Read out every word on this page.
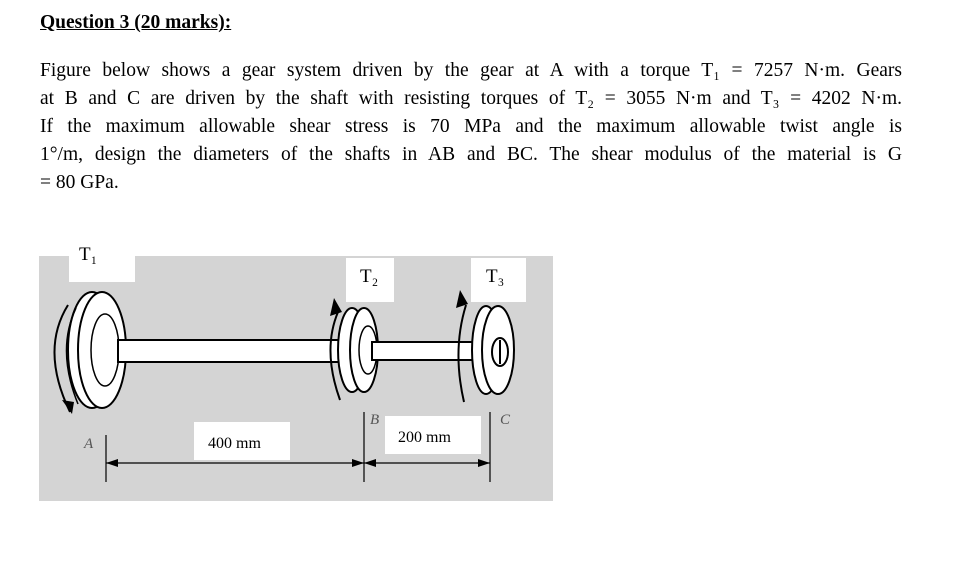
Question 3 (20 marks):
Figure below shows a gear system driven by the gear at A with a torque T₁ = 7257 N·m. Gears
at B and C are driven by the shaft with resisting torques of T₂ = 3055 N·m and T₃ = 4202 N·m.
If the maximum allowable shear stress is 70 MPa and the maximum allowable twist angle is
1°/m, design the diameters of the shafts in AB and BC. The shear modulus of the material is G
= 80 GPa.
T₁
T₂	T₃
A
B	C
400 mm	200 mm
